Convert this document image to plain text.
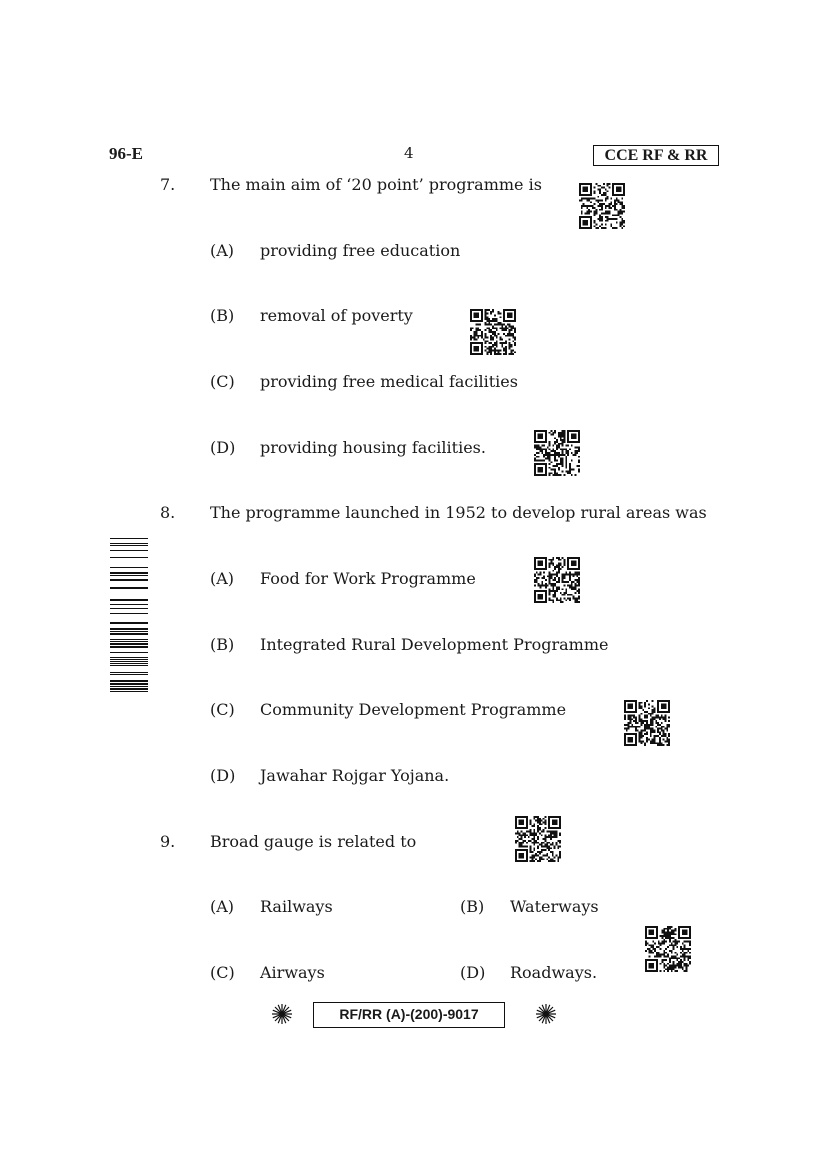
96-E	4	CCE RF & RR
7. The main aim of ‘20 point’ programme is
(A) providing free education
(B) removal of poverty
(C) providing free medical facilities
(D) providing housing facilities.
8. The programme launched in 1952 to develop rural areas was
(A) Food for Work Programme
(B) Integrated Rural Development Programme
(C) Community Development Programme
(D) Jawahar Rojgar Yojana.
9. Broad gauge is related to
(A) Railways	(B) Waterways
(C) Airways	(D) Roadways.
RF/RR (A)-(200)-9017
